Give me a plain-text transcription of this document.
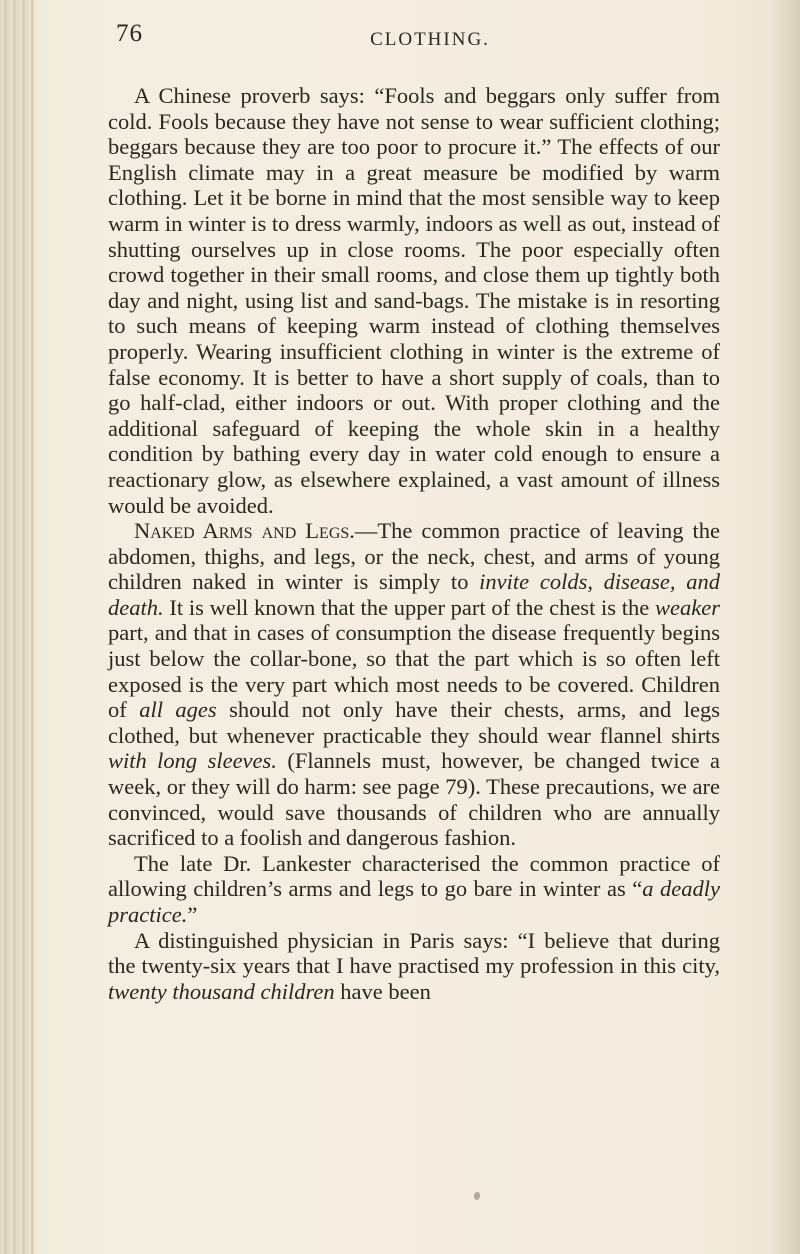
76	CLOTHING.

A Chinese proverb says: “Fools and beggars only suffer from cold. Fools because they have not sense to wear sufficient clothing; beggars because they are too poor to procure it.” The effects of our English climate may in a great measure be modified by warm clothing. Let it be borne in mind that the most sensible way to keep warm in winter is to dress warmly, indoors as well as out, instead of shutting ourselves up in close rooms. The poor especially often crowd together in their small rooms, and close them up tightly both day and night, using list and sand-bags. The mistake is in resorting to such means of keeping warm instead of clothing themselves properly. Wearing insufficient clothing in winter is the extreme of false economy. It is better to have a short supply of coals, than to go half-clad, either indoors or out. With proper clothing and the additional safeguard of keeping the whole skin in a healthy condition by bathing every day in water cold enough to ensure a reactionary glow, as elsewhere explained, a vast amount of illness would be avoided.

Naked Arms and Legs.—The common practice of leaving the abdomen, thighs, and legs, or the neck, chest, and arms of young children naked in winter is simply to invite colds, disease, and death. It is well known that the upper part of the chest is the weaker part, and that in cases of consumption the disease frequently begins just below the collar-bone, so that the part which is so often left exposed is the very part which most needs to be covered. Children of all ages should not only have their chests, arms, and legs clothed, but whenever practicable they should wear flannel shirts with long sleeves. (Flannels must, however, be changed twice a week, or they will do harm: see page 79). These precautions, we are convinced, would save thousands of children who are annually sacrificed to a foolish and dangerous fashion.

The late Dr. Lankester characterised the common practice of allowing children’s arms and legs to go bare in winter as “a deadly practice.”

A distinguished physician in Paris says: “I believe that during the twenty-six years that I have practised my profession in this city, twenty thousand children have been
